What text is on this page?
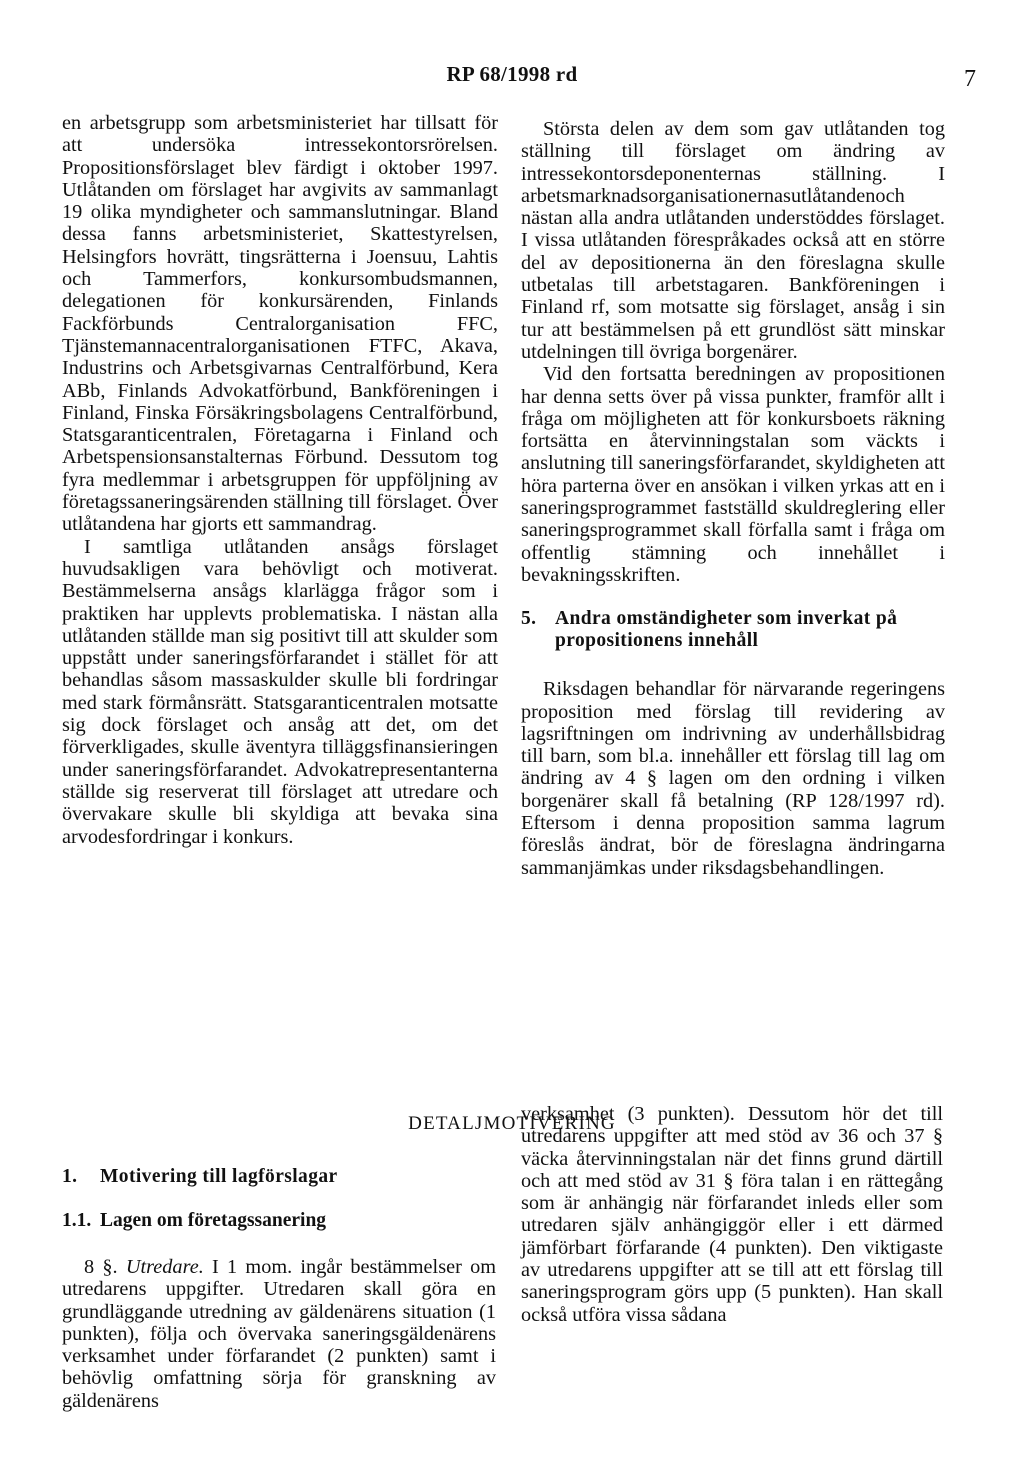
RP 68/1998 rd	7

en arbetsgrupp som arbetsministeriet har tillsatt för att undersöka intressekontorsrörelsen. Propositionsförslaget blev färdigt i oktober 1997. Utlåtanden om förslaget har avgivits av sammanlagt 19 olika myndigheter och sammanslutningar. Bland dessa fanns arbetsministeriet, Skattestyrelsen, Helsingfors hovrätt, tingsrätterna i Joensuu, Lahtis och Tammerfors, konkursombudsmannen, delegationen för konkursärenden, Finlands Fackförbunds Centralorganisation FFC, Tjänstemannacentralorganisationen FTFC, Akava, Industrins och Arbetsgivarnas Centralförbund, Kera ABb, Finlands Advokatförbund, Bankföreningen i Finland, Finska Försäkringsbolagens Centralförbund, Statsgaranticentralen, Företagarna i Finland och Arbetspensionsanstalternas Förbund. Dessutom tog fyra medlemmar i arbetsgruppen för uppföljning av företagssaneringsärenden ställning till förslaget. Över utlåtandena har gjorts ett sammandrag.

I samtliga utlåtanden ansågs förslaget huvudsakligen vara behövligt och motiverat. Bestämmelserna ansågs klarlägga frågor som i praktiken har upplevts problematiska. I nästan alla utlåtanden ställde man sig positivt till att skulder som uppstått under saneringsförfarandet i stället för att behandlas såsom massaskulder skulle bli fordringar med stark förmånsrätt. Statsgaranticentralen motsatte sig dock förslaget och ansåg att det, om det förverkligades, skulle äventyra tilläggsfinansieringen under saneringsförfarandet. Advokatrepresentanterna ställde sig reserverat till förslaget att utredare och övervakare skulle bli skyldiga att bevaka sina arvodesfordringar i konkurs.

Största delen av dem som gav utlåtanden tog ställning till förslaget om ändring av intressekontorsdeponenternas ställning. I arbetsmarknadsorganisationernasutlåtandenoch nästan alla andra utlåtanden understöddes förslaget. I vissa utlåtanden förespråkades också att en större del av depositionerna än den föreslagna skulle utbetalas till arbetstagaren. Bankföreningen i Finland rf, som motsatte sig förslaget, ansåg i sin tur att bestämmelsen på ett grundlöst sätt minskar utdelningen till övriga borgenärer.

Vid den fortsatta beredningen av propositionen har denna setts över på vissa punkter, framför allt i fråga om möjligheten att för konkursboets räkning fortsätta en återvinningstalan som väckts i anslutning till saneringsförfarandet, skyldigheten att höra parterna över en ansökan i vilken yrkas att en i saneringsprogrammet fastställd skuldreglering eller saneringsprogrammet skall förfalla samt i fråga om offentlig stämning och innehållet i bevakningsskriften.

5. Andra omständigheter som inverkat på propositionens innehåll

Riksdagen behandlar för närvarande regeringens proposition med förslag till revidering av lagsriftningen om indrivning av underhållsbidrag till barn, som bl.a. innehåller ett förslag till lag om ändring av 4 § lagen om den ordning i vilken borgenärer skall få betalning (RP 128/1997 rd). Eftersom i denna proposition samma lagrum föreslås ändrat, bör de föreslagna ändringarna sammanjämkas under riksdagsbehandlingen.

DETALJMOTIVERING
1.	Motivering till lagförslagar
1.1. Lagen om företagssanering

8 §. Utredare. I 1 mom. ingår bestämmelser om utredarens uppgifter. Utredaren skall göra en grundläggande utredning av gäldenärens situation (1 punkten), följa och övervaka saneringsgäldenärens verksamhet under förfarandet (2 punkten) samt i behövlig omfattning sörja för granskning av gäldenärens

verksamhet (3 punkten). Dessutom hör det till utredarens uppgifter att med stöd av 36 och 37 § väcka återvinningstalan när det finns grund därtill och att med stöd av 31 § föra talan i en rättegång som är anhängig när förfarandet inleds eller som utredaren själv anhängiggör eller i ett därmed jämförbart förfarande (4 punkten). Den viktigaste av utredarens uppgifter att se till att ett förslag till saneringsprogram görs upp (5 punkten). Han skall också utföra vissa sådana
